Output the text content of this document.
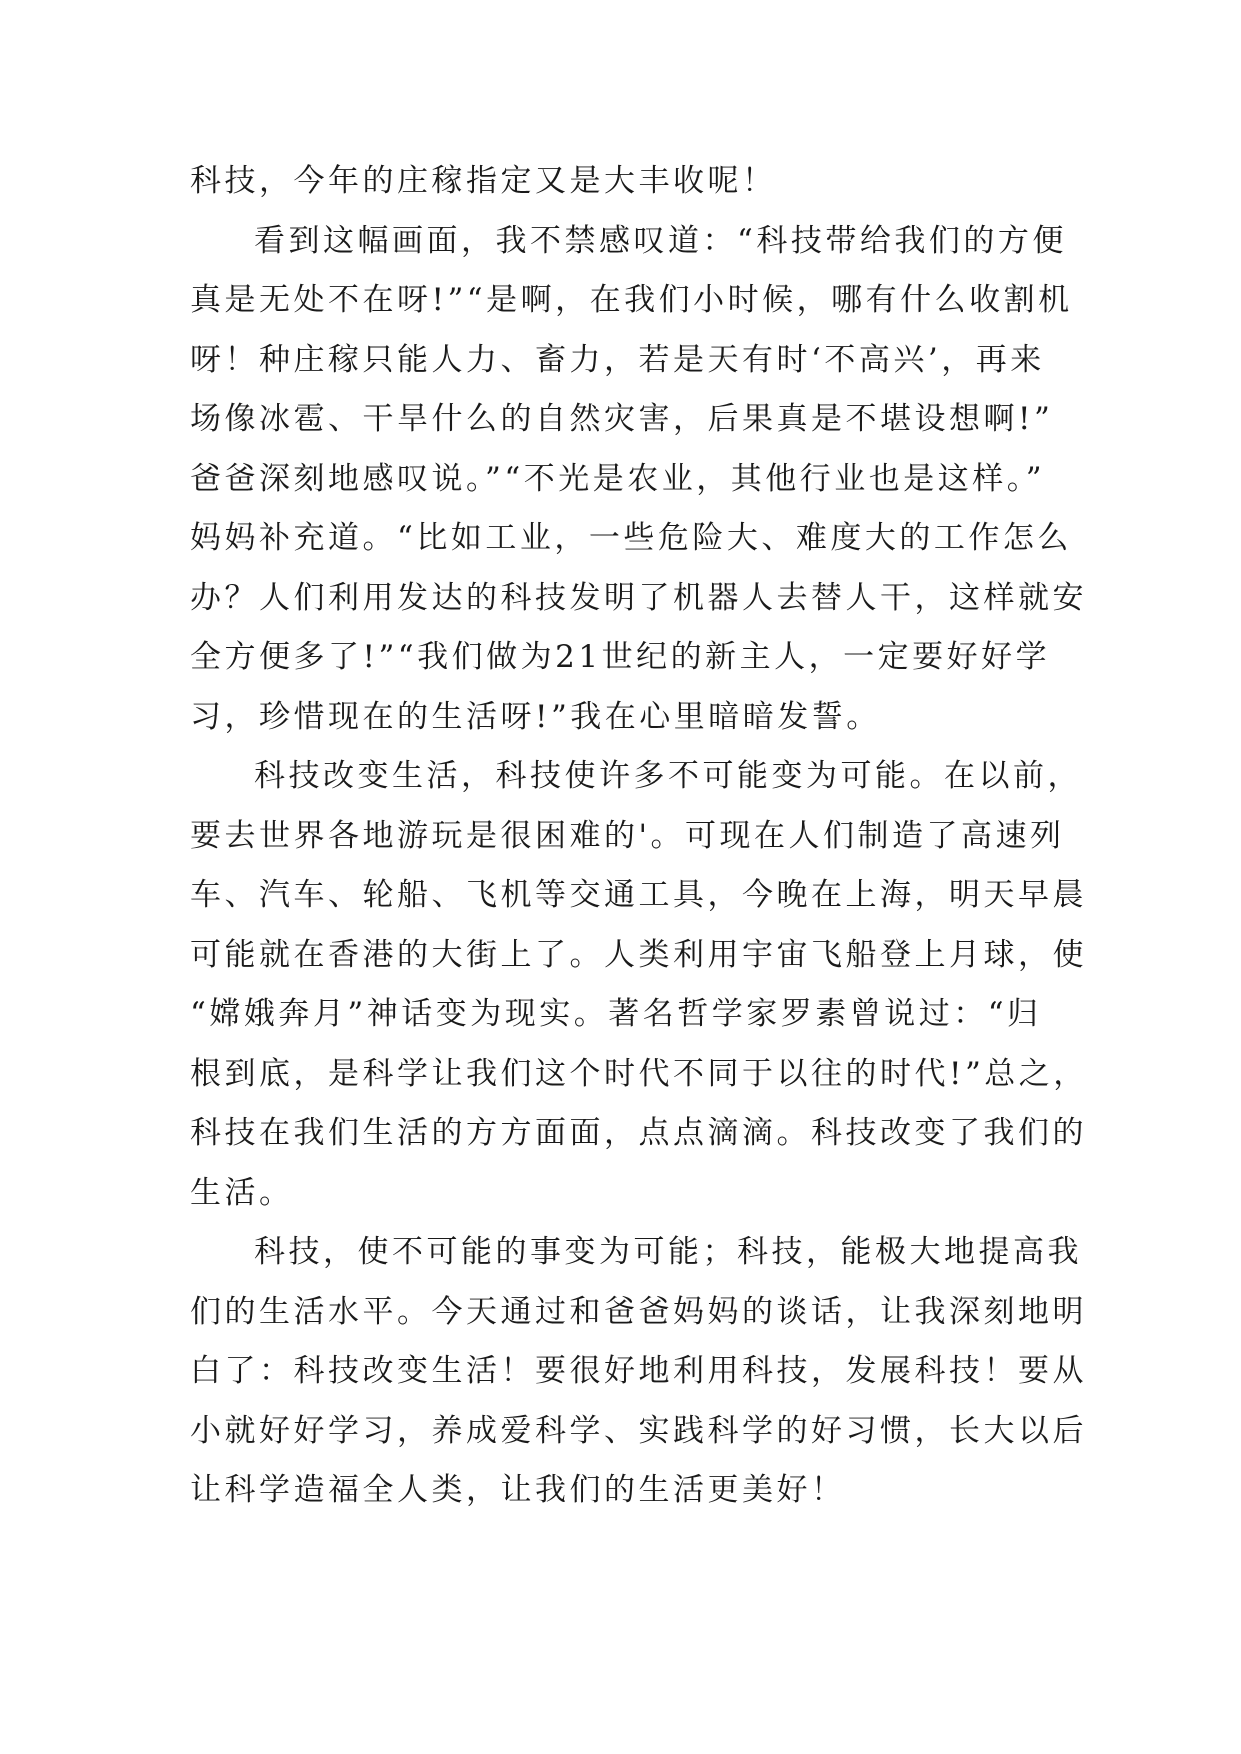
科技，今年的庄稼指定又是大丰收呢！
看到这幅画面，我不禁感叹道：“科技带给我们的方便
真是无处不在呀!”“是啊，在我们小时候，哪有什么收割机
呀！种庄稼只能人力、畜力，若是天有时‘不高兴’，再来
场像冰雹、干旱什么的自然灾害，后果真是不堪设想啊!”
爸爸深刻地感叹说。”“不光是农业，其他行业也是这样。”
妈妈补充道。“比如工业，一些危险大、难度大的工作怎么
办？人们利用发达的科技发明了机器人去替人干，这样就安
全方便多了!”“我们做为21世纪的新主人，一定要好好学
习，珍惜现在的生活呀!”我在心里暗暗发誓。
科技改变生活，科技使许多不可能变为可能。在以前，
要去世界各地游玩是很困难的'。可现在人们制造了高速列
车、汽车、轮船、飞机等交通工具，今晚在上海，明天早晨
可能就在香港的大街上了。人类利用宇宙飞船登上月球，使
“嫦娥奔月”神话变为现实。著名哲学家罗素曾说过：“归
根到底，是科学让我们这个时代不同于以往的时代!”总之，
科技在我们生活的方方面面，点点滴滴。科技改变了我们的
生活。
科技，使不可能的事变为可能；科技，能极大地提高我
们的生活水平。今天通过和爸爸妈妈的谈话，让我深刻地明
白了：科技改变生活！要很好地利用科技，发展科技！要从
小就好好学习，养成爱科学、实践科学的好习惯，长大以后
让科学造福全人类，让我们的生活更美好！
